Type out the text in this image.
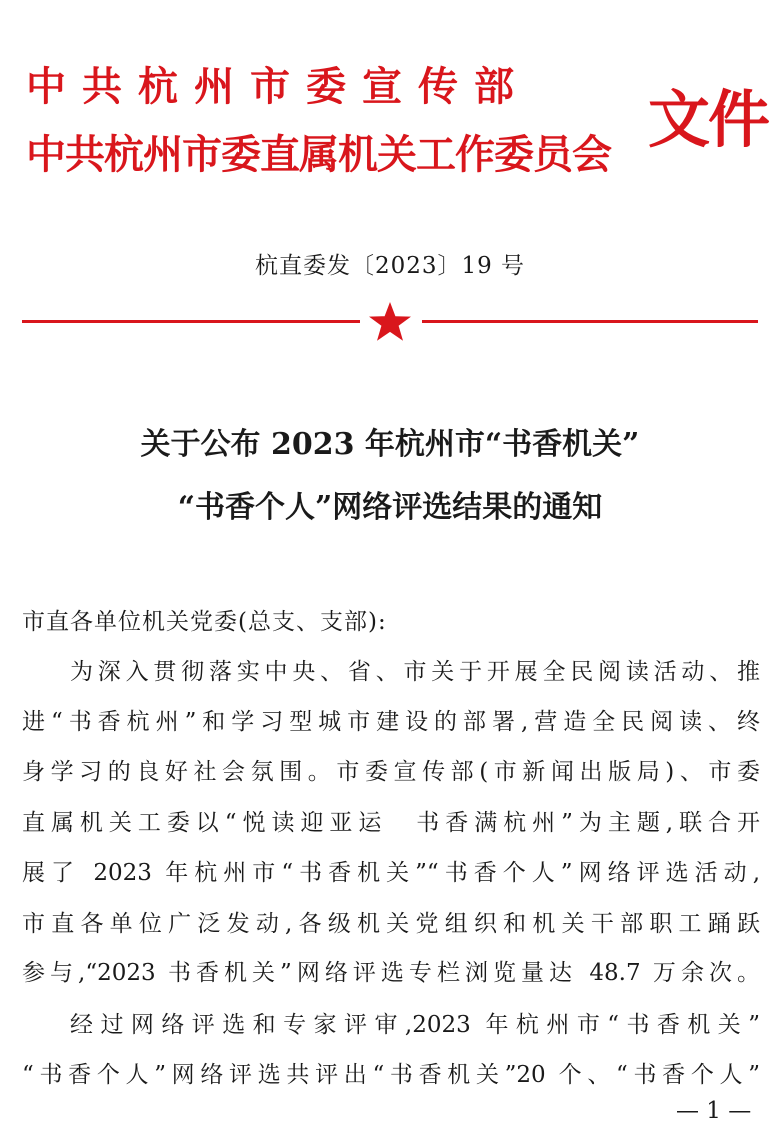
中共杭州市委宣传部
中共杭州市委直属机关工作委员会 文件
杭直委发〔2023〕19 号
关于公布 2023 年杭州市“书香机关”
“书香个人”网络评选结果的通知
市直各单位机关党委(总支、支部):
为深入贯彻落实中央、省、市关于开展全民阅读活动、推
进“书香杭州”和学习型城市建设的部署,营造全民阅读、终
身学习的良好社会氛围。市委宣传部(市新闻出版局)、市委
直属机关工委以“悦读迎亚运　书香满杭州”为主题,联合开
展了 2023 年杭州市“书香机关”“书香个人”网络评选活动,
市直各单位广泛发动,各级机关党组织和机关干部职工踊跃
参与,“2023 书香机关”网络评选专栏浏览量达 48.7 万余次。
经过网络评选和专家评审,2023 年杭州市“书香机关”
“书香个人”网络评选共评出“书香机关”20 个、“书香个人”
— 1 —
